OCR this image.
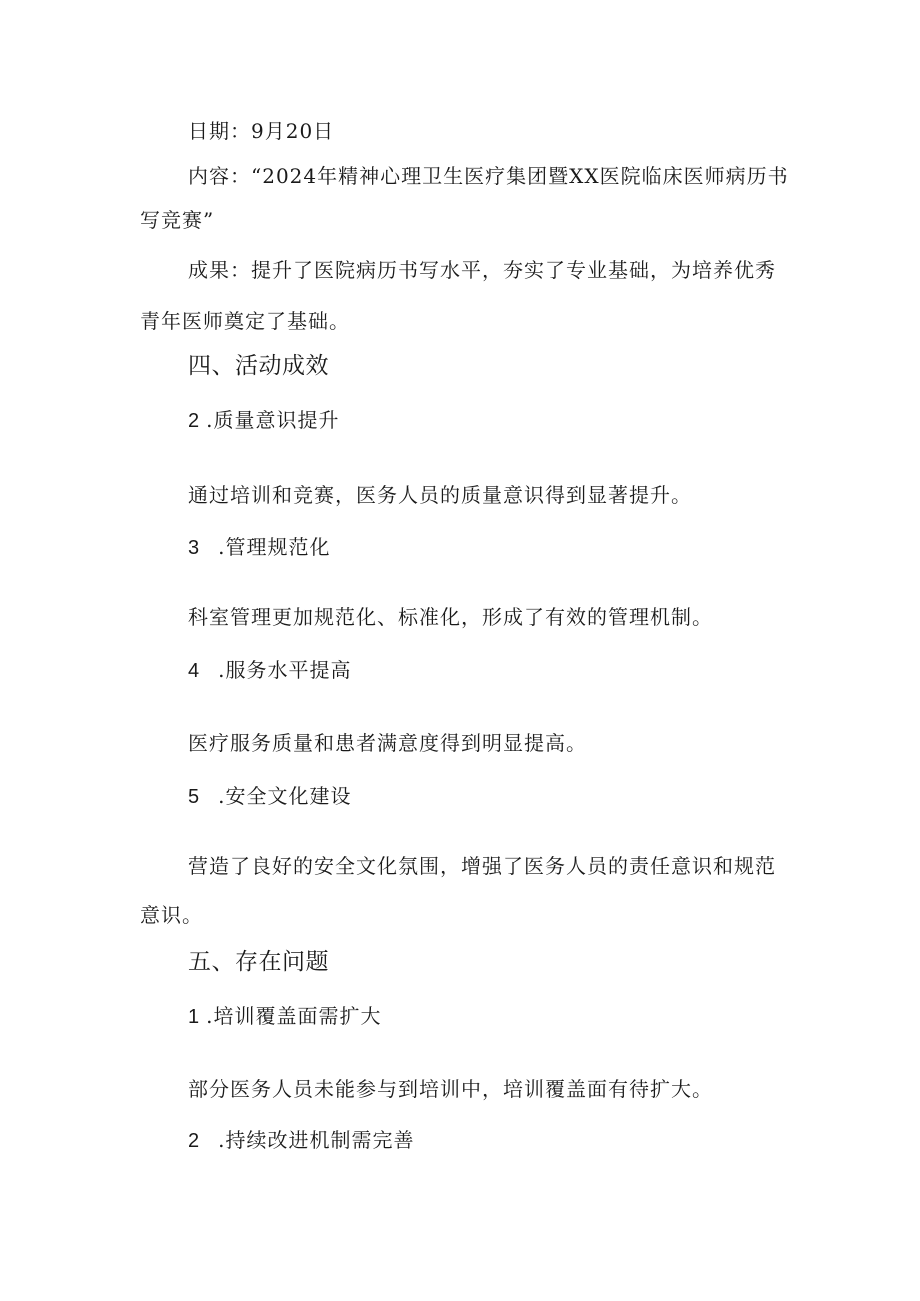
日期：9月20日
内容：“2024年精神心理卫生医疗集团暨XX医院临床医师病历书
写竞赛”
成果：提升了医院病历书写水平，夯实了专业基础，为培养优秀
青年医师奠定了基础。
四、活动成效
2 .质量意识提升
通过培训和竞赛，医务人员的质量意识得到显著提升。
3 .管理规范化
科室管理更加规范化、标准化，形成了有效的管理机制。
4 .服务水平提高
医疗服务质量和患者满意度得到明显提高。
5 .安全文化建设
营造了良好的安全文化氛围，增强了医务人员的责任意识和规范
意识。
五、存在问题
1 .培训覆盖面需扩大
部分医务人员未能参与到培训中，培训覆盖面有待扩大。
2 .持续改进机制需完善
